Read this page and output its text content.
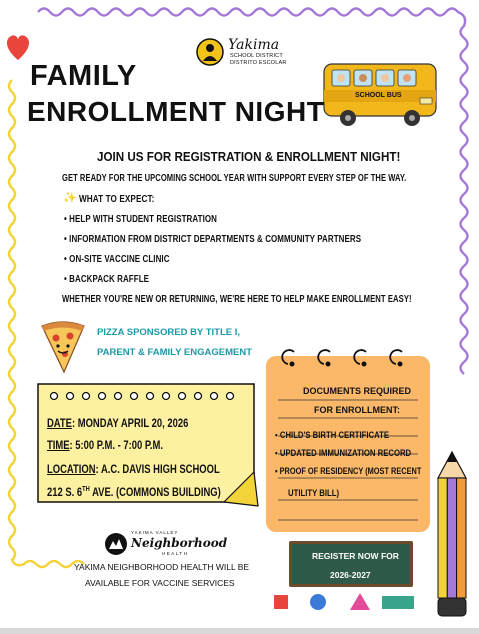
Yakima
SCHOOL DISTRICT
DISTRITO ESCOLAR
FAMILY
ENROLLMENT NIGHT
SCHOOL BUS
JOIN US FOR REGISTRATION & ENROLLMENT NIGHT!
GET READY FOR THE UPCOMING SCHOOL YEAR WITH SUPPORT EVERY STEP OF THE WAY.
✨ WHAT TO EXPECT:
• HELP WITH STUDENT REGISTRATION
• INFORMATION FROM DISTRICT DEPARTMENTS & COMMUNITY PARTNERS
• ON-SITE VACCINE CLINIC
• BACKPACK RAFFLE
WHETHER YOU'RE NEW OR RETURNING, WE'RE HERE TO HELP MAKE ENROLLMENT EASY!
PIZZA SPONSORED BY TITLE I,
PARENT & FAMILY ENGAGEMENT
DATE: MONDAY APRIL 20, 2026
TIME: 5:00 P.M. - 7:00 P.M.
LOCATION: A.C. DAVIS HIGH SCHOOL
212 S. 6TH AVE. (COMMONS BUILDING)
DOCUMENTS REQUIRED
FOR ENROLLMENT:
• CHILD'S BIRTH CERTIFICATE
• UPDATED IMMUNIZATION RECORD
• PROOF OF RESIDENCY (MOST RECENT
UTILITY BILL)
REGISTER NOW FOR
2026-2027
YAKIMA VALLEY
Neighborhood
HEALTH
YAKIMA NEIGHBORHOOD HEALTH WILL BE
AVAILABLE FOR VACCINE SERVICES
